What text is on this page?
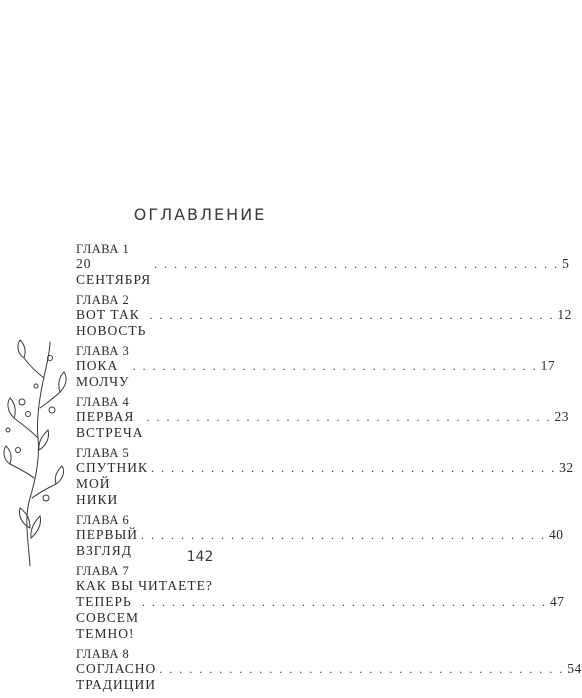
ОГЛАВЛЕНИЕ
ГЛАВА 1
20 СЕНТЯБРЯ
. . . . . . . . . . . . . . . . . . . . . . . . . . . . . . . . . . . . . . . . . 5
ГЛАВА 2
ВОТ ТАК НОВОСТЬ
. . . . . . . . . . . . . . . . . . . . . . . . . . . . . . . . . . . . . . . . . 12
ГЛАВА 3
ПОКА МОЛЧУ
. . . . . . . . . . . . . . . . . . . . . . . . . . . . . . . . . . . . . . . . . 17
ГЛАВА 4
ПЕРВАЯ ВСТРЕЧА
. . . . . . . . . . . . . . . . . . . . . . . . . . . . . . . . . . . . . . . . . 23
ГЛАВА 5
СПУТНИК МОЙ НИКИ
. . . . . . . . . . . . . . . . . . . . . . . . . . . . . . . . . . . . . . . . . 32
ГЛАВА 6
ПЕРВЫЙ ВЗГЛЯД
. . . . . . . . . . . . . . . . . . . . . . . . . . . . . . . . . . . . . . . . . 40
ГЛАВА 7
КАК ВЫ ЧИТАЕТЕ?
ТЕПЕРЬ СОВСЕМ ТЕМНО!
. . . . . . . . . . . . . . . . . . . . . . . . . . . . . . . . . . . . . . . . . 47
ГЛАВА 8
СОГЛАСНО ТРАДИЦИИ
. . . . . . . . . . . . . . . . . . . . . . . . . . . . . . . . . . . . . . . . . 54
142
